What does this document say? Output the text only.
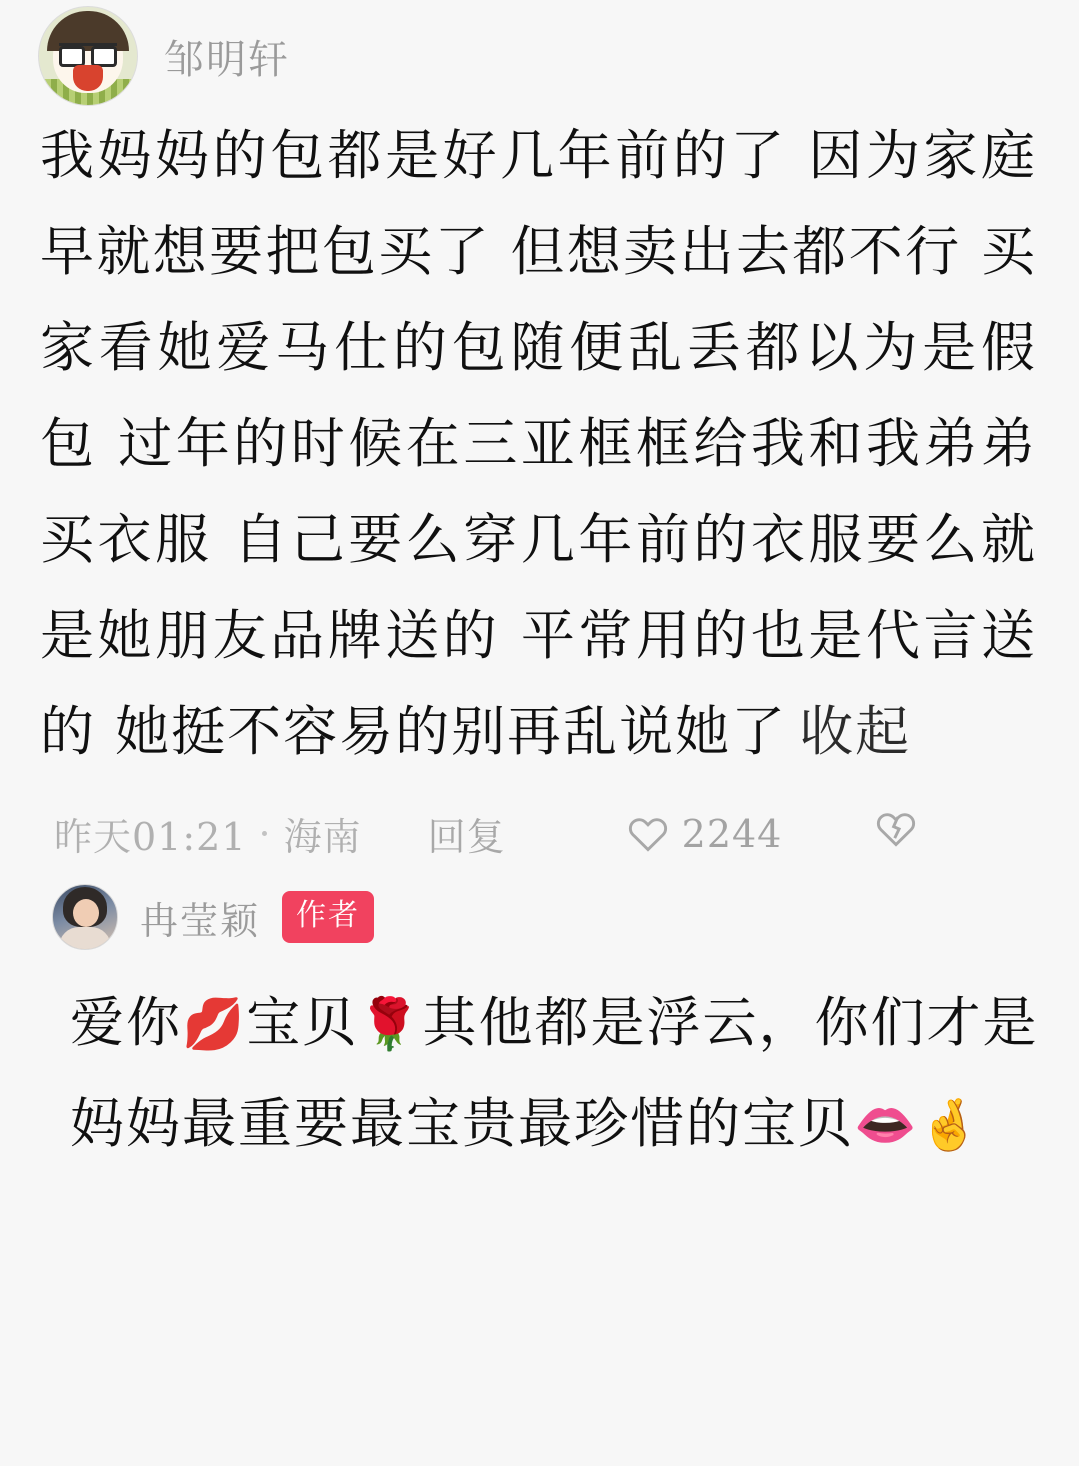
邹明轩
我妈妈的包都是好几年前的了 因为家庭早就想要把包买了 但想卖出去都不行 买家看她爱马仕的包随便乱丢都以为是假包 过年的时候在三亚框框给我和我弟弟买衣服 自己要么穿几年前的衣服要么就是她朋友品牌送的 平常用的也是代言送的 她挺不容易的别再乱说她了 收起
昨天01:21 · 海南 回复	2244
冉莹颖	作者
爱你💋宝贝🌹其他都是浮云，你们才是妈妈最重要最宝贵最珍惜的宝贝👄🤞
